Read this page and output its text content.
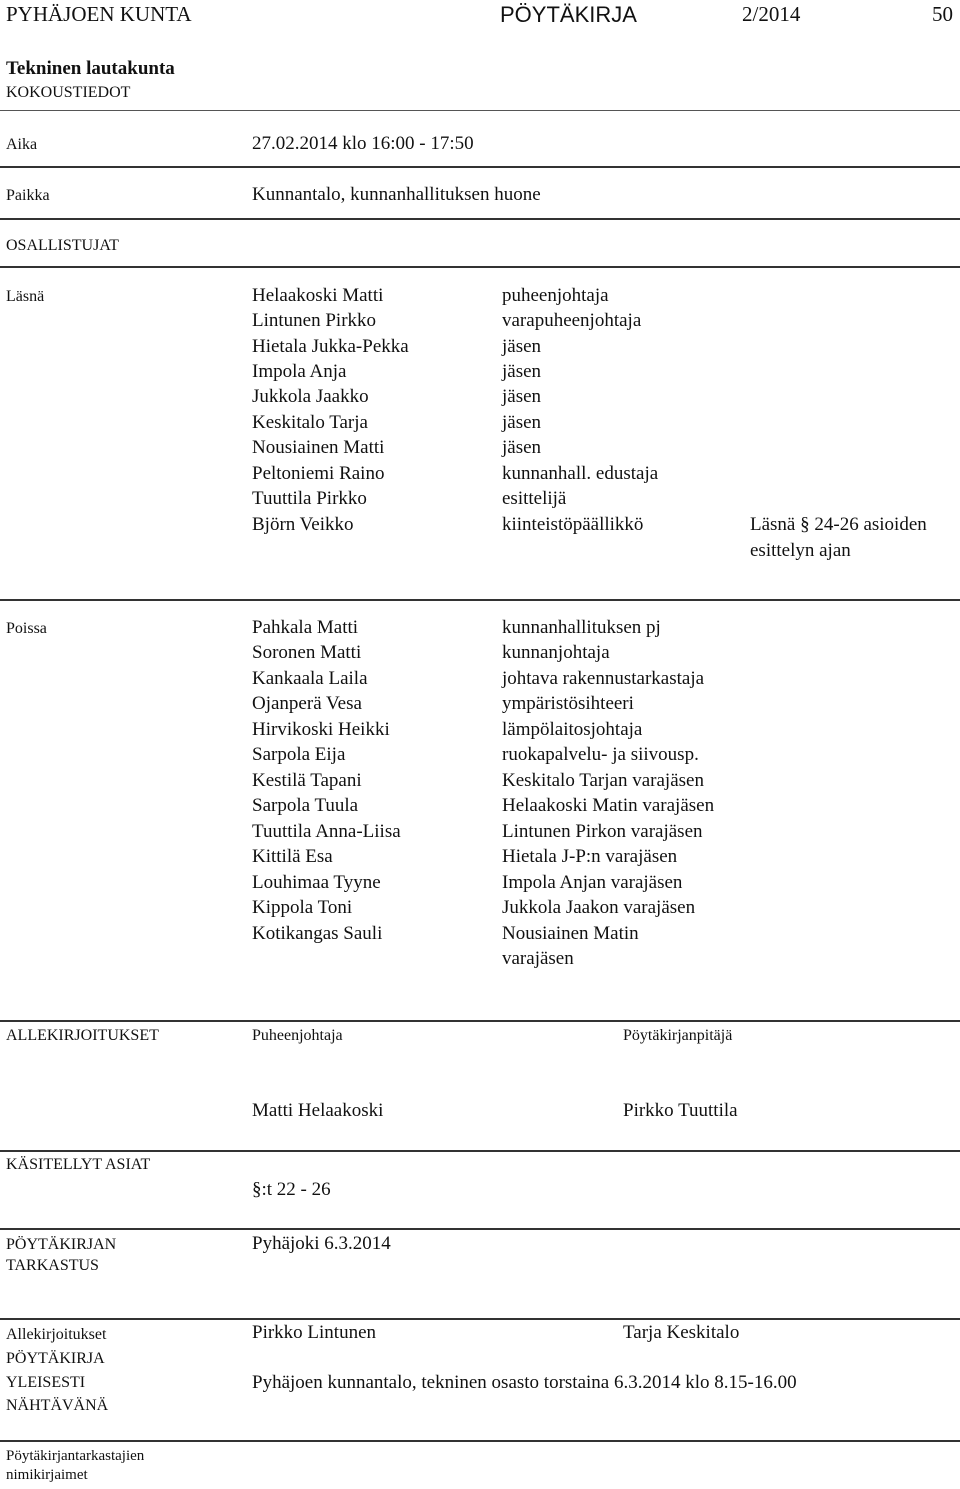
PYHÄJOEN KUNTA	PÖYTÄKIRJA	2/2014	50
Tekninen lautakunta
KOKOUSTIEDOT
Aika	27.02.2014 klo 16:00 - 17:50
Paikka	Kunnantalo, kunnanhallituksen huone
OSALLISTUJAT
Läsnä	Helaakoski Matti	puheenjohtaja
Lintunen Pirkko	varapuheenjohtaja
Hietala Jukka-Pekka	jäsen
Impola Anja	jäsen
Jukkola Jaakko	jäsen
Keskitalo Tarja	jäsen
Nousiainen Matti	jäsen
Peltoniemi Raino	kunnanhall. edustaja
Tuuttila Pirkko	esittelijä
Björn Veikko	kiinteistöpäällikkö	Läsnä § 24-26 asioiden
esittelyn ajan
Poissa	Pahkala Matti	kunnanhallituksen pj
Soronen Matti	kunnanjohtaja
Kankaala Laila	johtava rakennustarkastaja
Ojanperä Vesa	ympäristösihteeri
Hirvikoski Heikki	lämpölaitosjohtaja
Sarpola Eija	ruokapalvelu- ja siivousp.
Kestilä Tapani	Keskitalo Tarjan varajäsen
Sarpola Tuula	Helaakoski Matin varajäsen
Tuuttila Anna-Liisa	Lintunen Pirkon varajäsen
Kittilä Esa	Hietala J-P:n varajäsen
Louhimaa Tyyne	Impola Anjan varajäsen
Kippola Toni	Jukkola Jaakon varajäsen
Kotikangas Sauli	Nousiainen Matin
varajäsen
ALLEKIRJOITUKSET	Puheenjohtaja	Pöytäkirjanpitäjä
Matti Helaakoski	Pirkko Tuuttila
KÄSITELLYT ASIAT
§:t 22 - 26
PÖYTÄKIRJAN
TARKASTUS
Pyhäjoki 6.3.2014
Allekirjoitukset	Pirkko Lintunen	Tarja Keskitalo
PÖYTÄKIRJA
YLEISESTI
NÄHTÄVÄNÄ
Pyhäjoen kunnantalo, tekninen osasto torstaina 6.3.2014 klo 8.15-16.00
Pöytäkirjantarkastajien
nimikirjaimet
